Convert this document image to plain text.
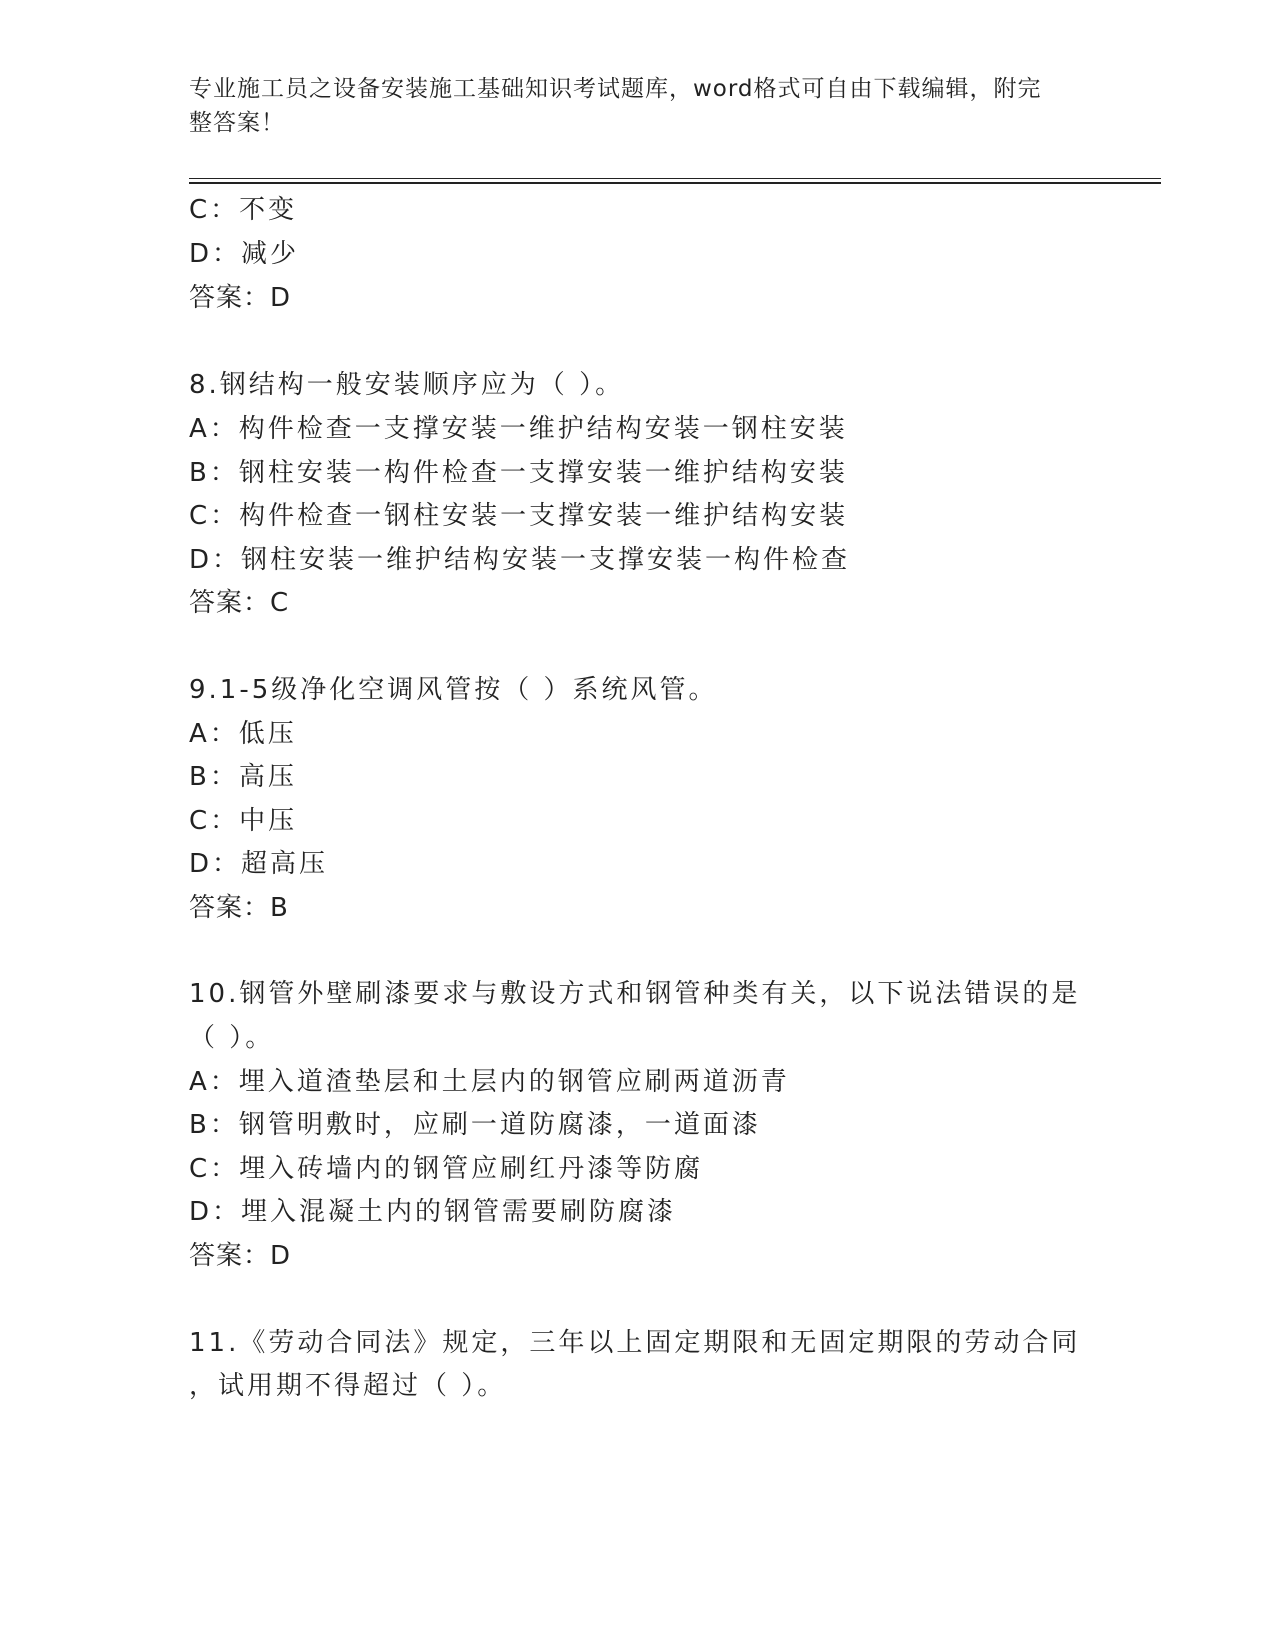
专业施工员之设备安装施工基础知识考试题库，word格式可自由下载编辑，附完
整答案！
C：不变
D：减少
答案：D
8.钢结构一般安装顺序应为（ ）。
A：构件检查一支撑安装一维护结构安装一钢柱安装
B：钢柱安装一构件检查一支撑安装一维护结构安装
C：构件检查一钢柱安装一支撑安装一维护结构安装
D：钢柱安装一维护结构安装一支撑安装一构件检查
答案：C
9.1-5级净化空调风管按（ ）系统风管。
A：低压
B：高压
C：中压
D：超高压
答案：B
10.钢管外壁刷漆要求与敷设方式和钢管种类有关，以下说法错误的是
（ ）。
A：埋入道渣垫层和土层内的钢管应刷两道沥青
B：钢管明敷时，应刷一道防腐漆，一道面漆
C：埋入砖墙内的钢管应刷红丹漆等防腐
D：埋入混凝土内的钢管需要刷防腐漆
答案：D
11.《劳动合同法》规定，三年以上固定期限和无固定期限的劳动合同
，试用期不得超过（ ）。
